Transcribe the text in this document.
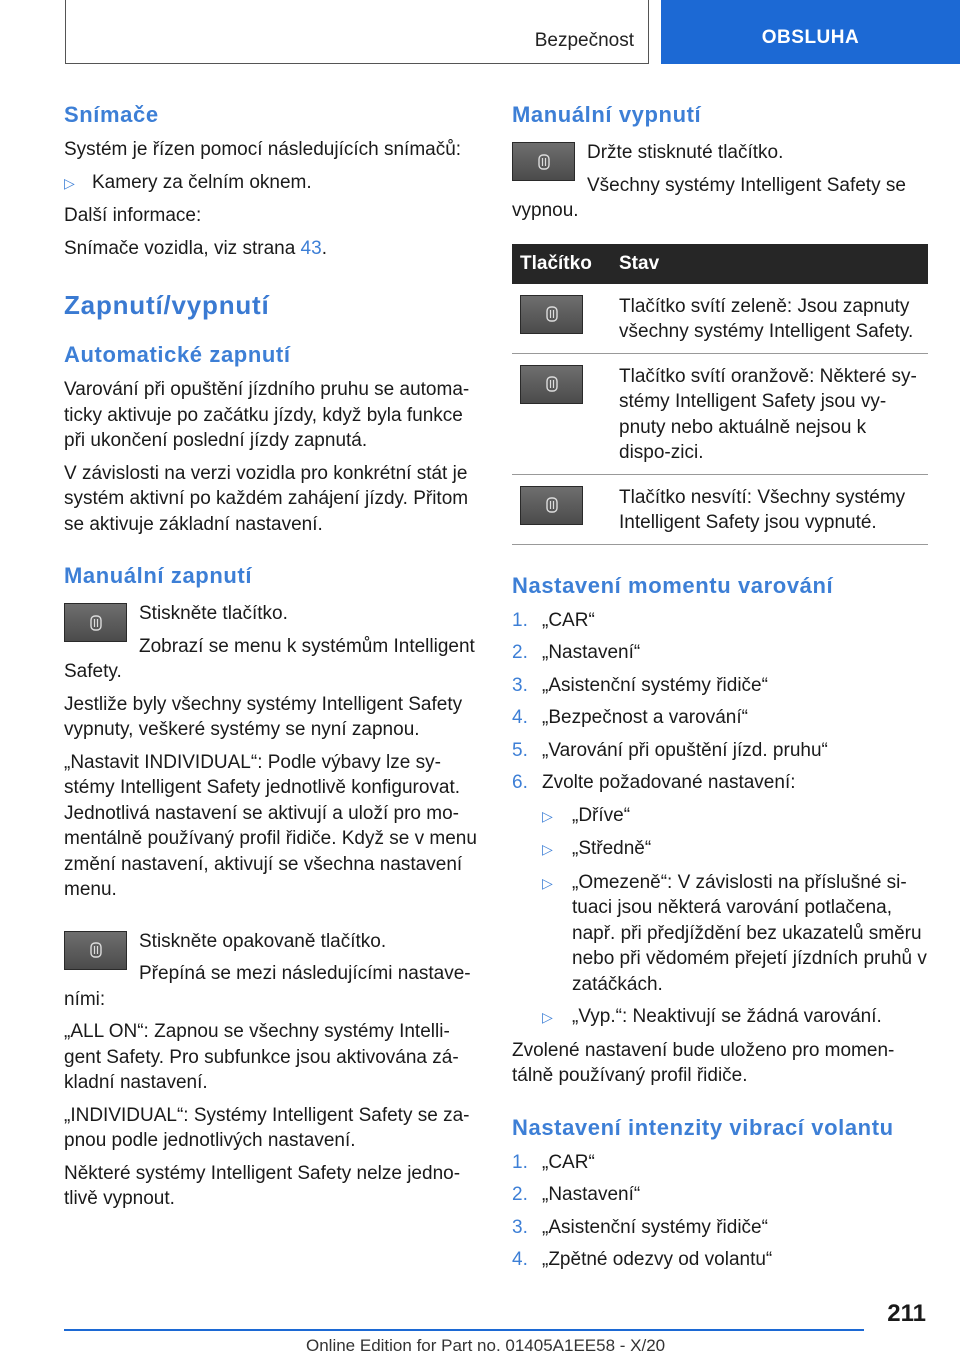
Bezpečnost	OBSLUHA
Snímače

Systém je řízen pomocí následujících snímačů:

▷ Kamery za čelním oknem.

Další informace:

Snímače vozidla, viz strana 43.

Zapnutí/vypnutí
Automatické zapnutí

Varování při opuštění jízdního pruhu se automa-ticky aktivuje po začátku jízdy, když byla funkce při ukončení poslední jízdy zapnutá.

V závislosti na verzi vozidla pro konkrétní stát je systém aktivní po každém zahájení jízdy. Přitom se aktivuje základní nastavení.

Manuální zapnutí

Stiskněte tlačítko.

Zobrazí se menu k systémům Intelligent Safety.

Jestliže byly všechny systémy Intelligent Safety vypnuty, veškeré systémy se nyní zapnou.

„Nastavit INDIVIDUAL“: Podle výbavy lze sy-stémy Intelligent Safety jednotlivě konfigurovat. Jednotlivá nastavení se aktivují a uloží pro mo-mentálně používaný profil řidiče. Když se v menu změní nastavení, aktivují se všechna nastavení menu.

Stiskněte opakovaně tlačítko.

Přepíná se mezi následujícími nastave-ními:

„ALL ON“: Zapnou se všechny systémy Intelli-gent Safety. Pro subfunkce jsou aktivována zá-kladní nastavení.

„INDIVIDUAL“: Systémy Intelligent Safety se za-pnou podle jednotlivých nastavení.

Některé systémy Intelligent Safety nelze jedno-tlivě vypnout.

Manuální vypnutí

Držte stisknuté tlačítko.

Všechny systémy Intelligent Safety se vypnou.

Tlačítko	Stav

	Tlačítko svítí zeleně: Jsou zapnuty všechny systémy Intelligent Safety.

	Tlačítko svítí oranžově: Některé sy-stémy Intelligent Safety jsou vy-pnuty nebo aktuálně nejsou k dispo-zici.

	Tlačítko nesvítí: Všechny systémy Intelligent Safety jsou vypnuté.
Nastavení momentu varování
1. „CAR“
2. „Nastavení“
3. „Asistenční systémy řidiče“
4. „Bezpečnost a varování“
5. „Varování při opuštění jízd. pruhu“
6. Zvolte požadované nastavení:
▷	„Dříve“
▷	„Středně“
▷	„Omezeně“: V závislosti na příslušné si-tuaci jsou některá varování potlačena, např. při předjíždění bez ukazatelů směru nebo při vědomém přejetí jízdních pruhů v zatáčkách.
▷	„Vyp.“: Neaktivují se žádná varování.

Zvolené nastavení bude uloženo pro momen-tálně používaný profil řidiče.

Nastavení intenzity vibrací volantu
1. „CAR“
2. „Nastavení“
3. „Asistenční systémy řidiče“
4. „Zpětné odezvy od volantu“
211
Online Edition for Part no. 01405A1EE58 - X/20
